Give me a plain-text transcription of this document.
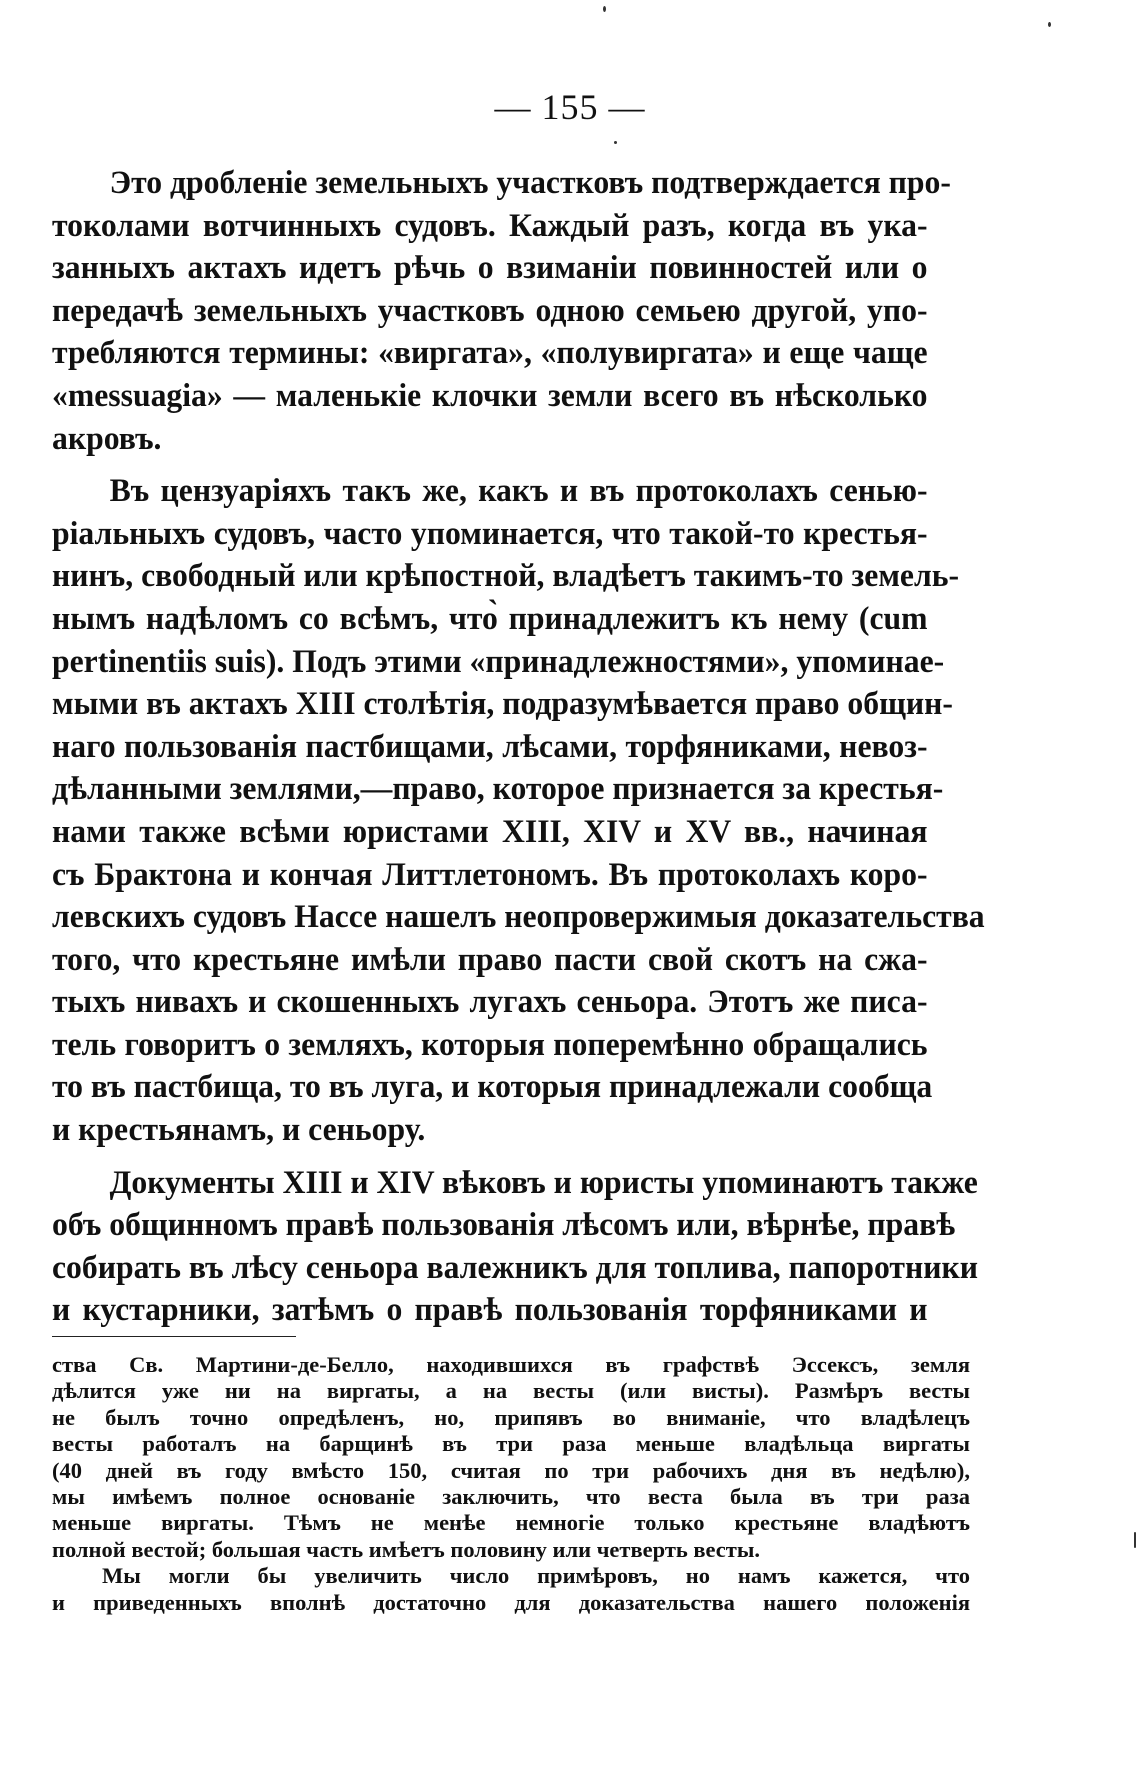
— 155 —
Это дробленіе земельныхъ участковъ подтверждается про-
токолами вотчинныхъ судовъ. Каждый разъ, когда въ ука-
занныхъ актахъ идетъ рѣчь о взиманіи повинностей или о
передачѣ земельныхъ участковъ одною семьею другой, упо-
требляются термины: «виргата», «полувиргата» и еще чаще
«messuagia» — маленькіе клочки земли всего въ нѣсколько
акровъ.
Въ цензуаріяхъ такъ же, какъ и въ протоколахъ сенью-
ріальныхъ судовъ, часто упоминается, что такой-то крестья-
нинъ, свободный или крѣпостной, владѣетъ такимъ-то земель-
нымъ надѣломъ со всѣмъ, что̀ принадлежитъ къ нему (cum
pertinentiis suis). Подъ этими «принадлежностями», упоминае-
мыми въ актахъ XIII столѣтія, подразумѣвается право общин-
наго пользованія пастбищами, лѣсами, торфяниками, невоз-
дѣланными землями,—право, которое признается за крестья-
нами также всѣми юристами XIII, XIV и XV вв., начиная
съ Брактона и кончая Литтлетономъ. Въ протоколахъ коро-
левскихъ судовъ Нассе нашелъ неопровержимыя доказательства
того, что крестьяне имѣли право пасти свой скотъ на сжа-
тыхъ нивахъ и скошенныхъ лугахъ сеньора. Этотъ же писа-
тель говоритъ о земляхъ, которыя поперемѣнно обращались
то въ пастбища, то въ луга, и которыя принадлежали сообща
и крестьянамъ, и сеньору.
Документы XIII и XIV вѣковъ и юристы упоминаютъ также
объ общинномъ правѣ пользованія лѣсомъ или, вѣрнѣе, правѣ
собирать въ лѣсу сеньора валежникъ для топлива, папоротники
и кустарники, затѣмъ о правѣ пользованія торфяниками и
ства Св. Мартини-де-Белло, находившихся въ графствѣ Эссексъ, земля
дѣлится уже ни на виргаты, а на весты (или висты). Размѣръ весты
не былъ точно опредѣленъ, но, припявъ во вниманіе, что владѣлецъ
весты работалъ на барщинѣ въ три раза меньше владѣльца виргаты
(40 дней въ году вмѣсто 150, считая по три рабочихъ дня въ недѣлю),
мы имѣемъ полное основаніе заключить, что веста была въ три раза
меньше виргаты. Тѣмъ не менѣе немногіе только крестьяне владѣютъ
полной вестой; большая часть имѣетъ половину или четверть весты.
Мы могли бы увеличить число примѣровъ, но намъ кажется, что
и приведенныхъ вполнѣ достаточно для доказательства нашего положенія
